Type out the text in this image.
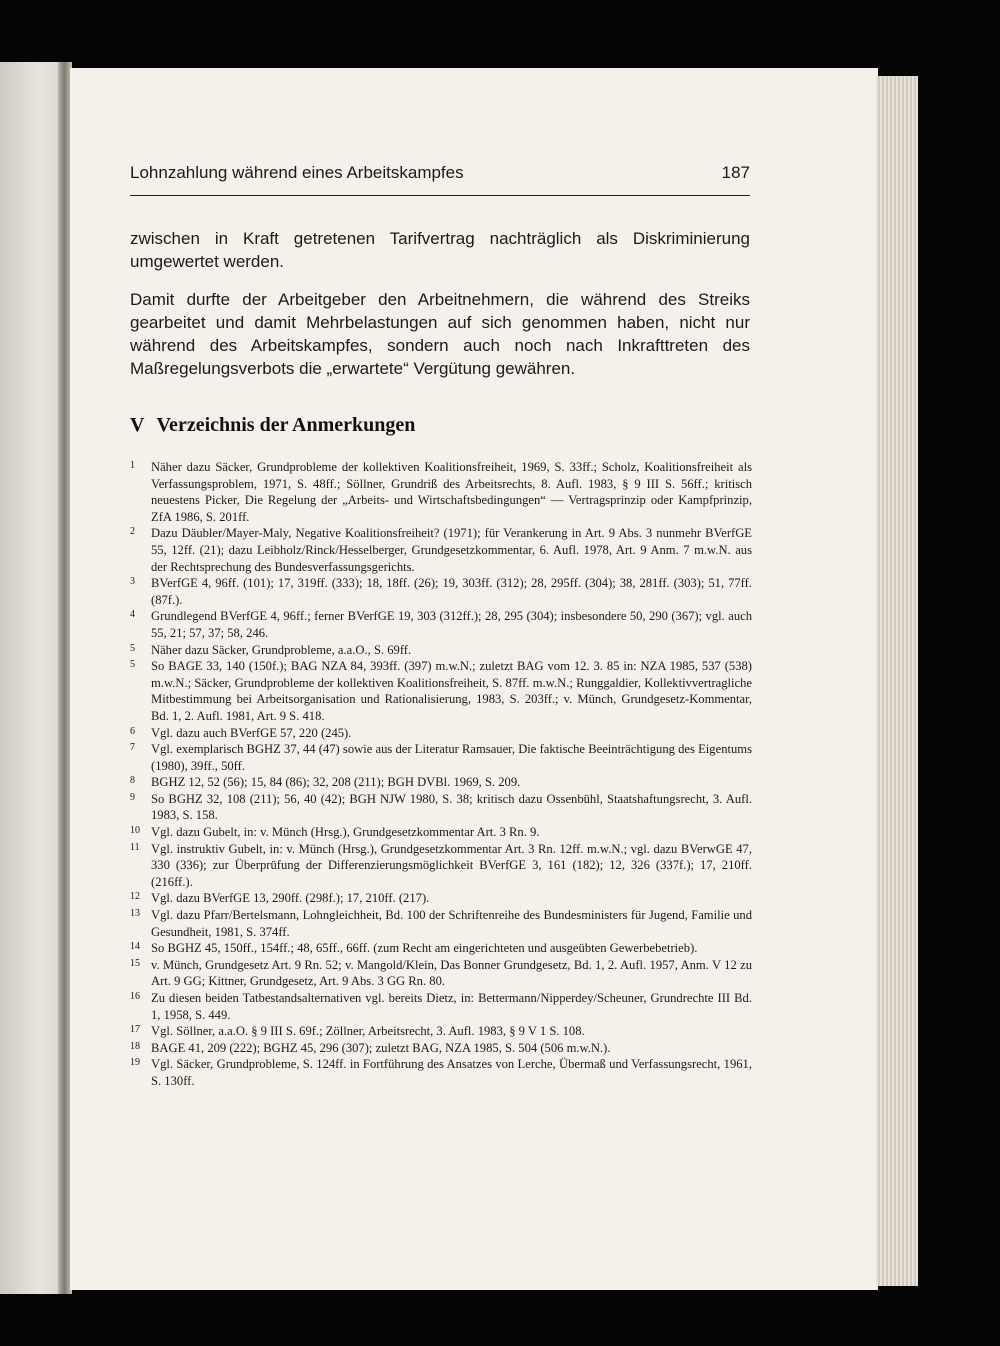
Lohnzahlung während eines Arbeitskampfes	187

zwischen in Kraft getretenen Tarifvertrag nachträglich als Diskriminierung umgewertet werden.

Damit durfte der Arbeitgeber den Arbeitnehmern, die während des Streiks gearbeitet und damit Mehrbelastungen auf sich genommen haben, nicht nur während des Arbeitskampfes, sondern auch noch nach Inkrafttreten des Maßregelungsverbots die „erwartete“ Vergütung gewähren.

V Verzeichnis der Anmerkungen
1	Näher dazu Säcker, Grundprobleme der kollektiven Koalitionsfreiheit, 1969, S. 33ff.; Scholz, Koalitionsfreiheit als Verfassungsproblem, 1971, S. 48ff.; Söllner, Grundriß des Arbeitsrechts, 8. Aufl. 1983, § 9 III S. 56ff.; kritisch neuestens Picker, Die Regelung der „Arbeits- und Wirtschaftsbedingungen“ — Vertragsprinzip oder Kampfprinzip, ZfA 1986, S. 201ff.
2	Dazu Däubler/Mayer-Maly, Negative Koalitionsfreiheit? (1971); für Verankerung in Art. 9 Abs. 3 nunmehr BVerfGE 55, 12ff. (21); dazu Leibholz/Rinck/Hesselberger, Grundgesetzkommentar, 6. Aufl. 1978, Art. 9 Anm. 7 m.w.N. aus der Rechtsprechung des Bundesverfassungsgerichts.
3	BVerfGE 4, 96ff. (101); 17, 319ff. (333); 18, 18ff. (26); 19, 303ff. (312); 28, 295ff. (304); 38, 281ff. (303); 51, 77ff. (87f.).
4	Grundlegend BVerfGE 4, 96ff.; ferner BVerfGE 19, 303 (312ff.); 28, 295 (304); insbesondere 50, 290 (367); vgl. auch 55, 21; 57, 37; 58, 246.
5	Näher dazu Säcker, Grundprobleme, a.a.O., S. 69ff.
5	So BAGE 33, 140 (150f.); BAG NZA 84, 393ff. (397) m.w.N.; zuletzt BAG vom 12. 3. 85 in: NZA 1985, 537 (538) m.w.N.; Säcker, Grundprobleme der kollektiven Koalitionsfreiheit, S. 87ff. m.w.N.; Runggaldier, Kollektivvertragliche Mitbestimmung bei Arbeitsorganisation und Rationalisierung, 1983, S. 203ff.; v. Münch, Grundgesetz-Kommentar, Bd. 1, 2. Aufl. 1981, Art. 9 S. 418.
6	Vgl. dazu auch BVerfGE 57, 220 (245).
7	Vgl. exemplarisch BGHZ 37, 44 (47) sowie aus der Literatur Ramsauer, Die faktische Beeinträchtigung des Eigentums (1980), 39ff., 50ff.
8	BGHZ 12, 52 (56); 15, 84 (86); 32, 208 (211); BGH DVBl. 1969, S. 209.
9	So BGHZ 32, 108 (211); 56, 40 (42); BGH NJW 1980, S. 38; kritisch dazu Ossenbühl, Staatshaftungsrecht, 3. Aufl. 1983, S. 158.
10 Vgl. dazu Gubelt, in: v. Münch (Hrsg.), Grundgesetzkommentar Art. 3 Rn. 9.
11 Vgl. instruktiv Gubelt, in: v. Münch (Hrsg.), Grundgesetzkommentar Art. 3 Rn. 12ff. m.w.N.; vgl. dazu BVerwGE 47, 330 (336); zur Überprüfung der Differenzierungsmöglichkeit BVerfGE 3, 161 (182); 12, 326 (337f.); 17, 210ff. (216ff.).
12 Vgl. dazu BVerfGE 13, 290ff. (298f.); 17, 210ff. (217).
13 Vgl. dazu Pfarr/Bertelsmann, Lohngleichheit, Bd. 100 der Schriftenreihe des Bundesministers für Jugend, Familie und Gesundheit, 1981, S. 374ff.
14 So BGHZ 45, 150ff., 154ff.; 48, 65ff., 66ff. (zum Recht am eingerichteten und ausgeübten Gewerbebetrieb).
15 v. Münch, Grundgesetz Art. 9 Rn. 52; v. Mangold/Klein, Das Bonner Grundgesetz, Bd. 1, 2. Aufl. 1957, Anm. V 12 zu Art. 9 GG; Kittner, Grundgesetz, Art. 9 Abs. 3 GG Rn. 80.
16 Zu diesen beiden Tatbestandsalternativen vgl. bereits Dietz, in: Bettermann/Nipperdey/Scheuner, Grundrechte III Bd. 1, 1958, S. 449.
17 Vgl. Söllner, a.a.O. § 9 III S. 69f.; Zöllner, Arbeitsrecht, 3. Aufl. 1983, § 9 V 1 S. 108.
18 BAGE 41, 209 (222); BGHZ 45, 296 (307); zuletzt BAG, NZA 1985, S. 504 (506 m.w.N.).
19 Vgl. Säcker, Grundprobleme, S. 124ff. in Fortführung des Ansatzes von Lerche, Übermaß und Verfassungsrecht, 1961, S. 130ff.
